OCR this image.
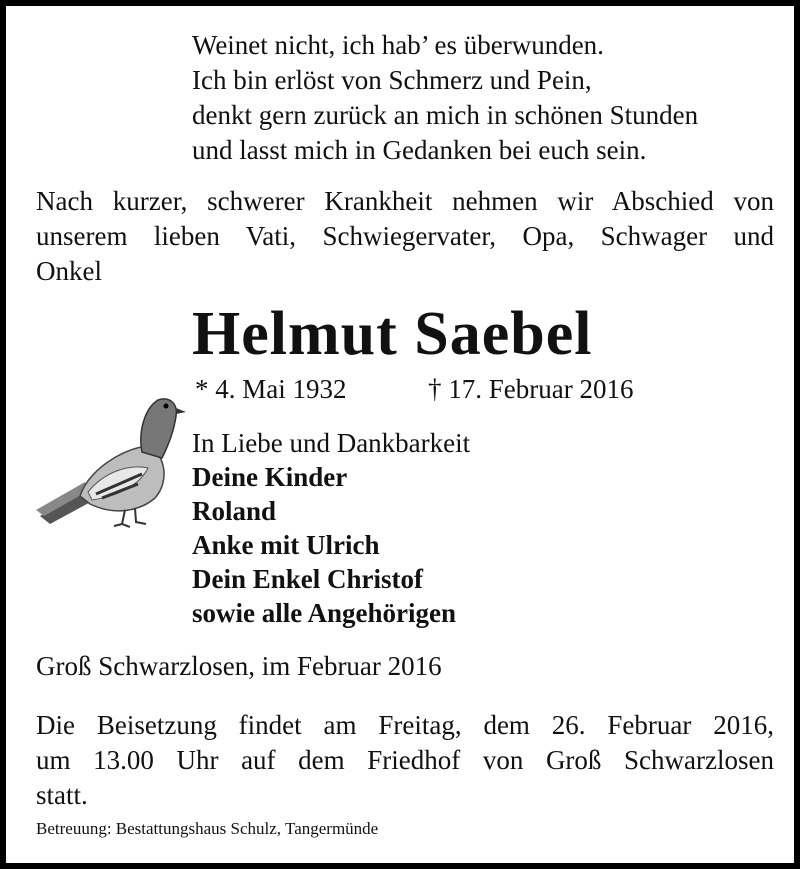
Weinet nicht, ich hab’ es überwunden.
Ich bin erlöst von Schmerz und Pein,
denkt gern zurück an mich in schönen Stunden
und lasst mich in Gedanken bei euch sein.
Nach kurzer, schwerer Krankheit nehmen wir Abschied von
unserem lieben Vati, Schwiegervater, Opa, Schwager und
Onkel
Helmut Saebel
* 4. Mai 1932	† 17. Februar 2016
In Liebe und Dankbarkeit
Deine Kinder
Roland
Anke mit Ulrich
Dein Enkel Christof
sowie alle Angehörigen
Groß Schwarzlosen, im Februar 2016
Die Beisetzung findet am Freitag, dem 26. Februar 2016,
um 13.00 Uhr auf dem Friedhof von Groß Schwarzlosen
statt.
Betreuung: Bestattungshaus Schulz, Tangermünde
